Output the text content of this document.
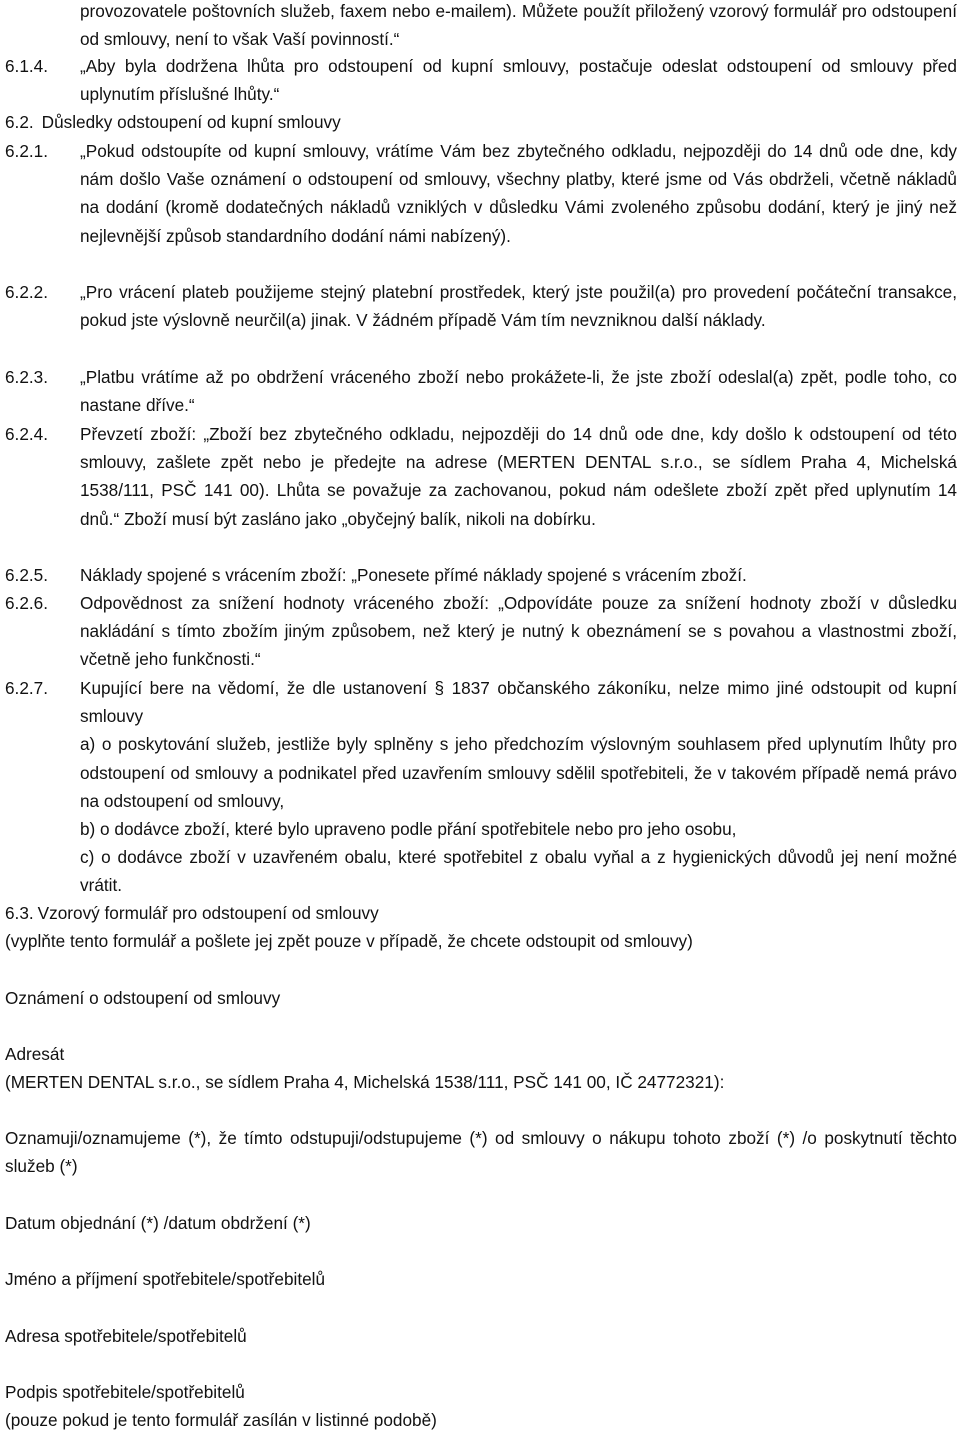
provozovatele poštovních služeb, faxem nebo e-mailem). Můžete použít přiložený vzorový formulář pro odstoupení od smlouvy, není to však Vaší povinností.“
6.1.4. „Aby byla dodržena lhůta pro odstoupení od kupní smlouvy, postačuje odeslat odstoupení od smlouvy před uplynutím příslušné lhůty.“
6.2. Důsledky odstoupení od kupní smlouvy
6.2.1. „Pokud odstoupíte od kupní smlouvy, vrátíme Vám bez zbytečného odkladu, nejpozději do 14 dnů ode dne, kdy nám došlo Vaše oznámení o odstoupení od smlouvy, všechny platby, které jsme od Vás obdrželi, včetně nákladů na dodání (kromě dodatečných nákladů vzniklých v důsledku Vámi zvoleného způsobu dodání, který je jiný než nejlevnější způsob standardního dodání námi nabízený).
6.2.2. „Pro vrácení plateb použijeme stejný platební prostředek, který jste použil(a) pro provedení počáteční transakce, pokud jste výslovně neurčil(a) jinak. V žádném případě Vám tím nevzniknou další náklady.
6.2.3. „Platbu vrátíme až po obdržení vráceného zboží nebo prokážete-li, že jste zboží odeslal(a) zpět, podle toho, co nastane dříve.“
6.2.4. Převzetí zboží: „Zboží bez zbytečného odkladu, nejpozději do 14 dnů ode dne, kdy došlo k odstoupení od této smlouvy, zašlete zpět nebo je předejte na adrese (MERTEN DENTAL s.r.o., se sídlem Praha 4, Michelská 1538/111, PSČ 141 00). Lhůta se považuje za zachovanou, pokud nám odešlete zboží zpět před uplynutím 14 dnů.“ Zboží musí být zasláno jako „obyčejný balík, nikoli na dobírku.
6.2.5. Náklady spojené s vrácením zboží: „Ponesete přímé náklady spojené s vrácením zboží.
6.2.6. Odpovědnost za snížení hodnoty vráceného zboží: „Odpovídáte pouze za snížení hodnoty zboží v důsledku nakládání s tímto zbožím jiným způsobem, než který je nutný k obeznámení se s povahou a vlastnostmi zboží, včetně jeho funkčnosti.“
6.2.7. Kupující bere na vědomí, že dle ustanovení § 1837 občanského zákoníku, nelze mimo jiné odstoupit od kupní smlouvy
a) o poskytování služeb, jestliže byly splněny s jeho předchozím výslovným souhlasem před uplynutím lhůty pro odstoupení od smlouvy a podnikatel před uzavřením smlouvy sdělil spotřebiteli, že v takovém případě nemá právo na odstoupení od smlouvy,
b) o dodávce zboží, které bylo upraveno podle přání spotřebitele nebo pro jeho osobu,
c) o dodávce zboží v uzavřeném obalu, které spotřebitel z obalu vyňal a z hygienických důvodů jej není možné vrátit.
6.3. Vzorový formulář pro odstoupení od smlouvy
(vyplňte tento formulář a pošlete jej zpět pouze v případě, že chcete odstoupit od smlouvy)
Oznámení o odstoupení od smlouvy
Adresát
(MERTEN DENTAL s.r.o., se sídlem Praha 4, Michelská 1538/111, PSČ 141 00, IČ 24772321):
Oznamuji/oznamujeme (*), že tímto odstupuji/odstupujeme (*) od smlouvy o nákupu tohoto zboží (*) /o poskytnutí těchto služeb (*)
Datum objednání (*) /datum obdržení (*)
Jméno a příjmení spotřebitele/spotřebitelů
Adresa spotřebitele/spotřebitelů
Podpis spotřebitele/spotřebitelů
(pouze pokud je tento formulář zasílán v listinné podobě)
